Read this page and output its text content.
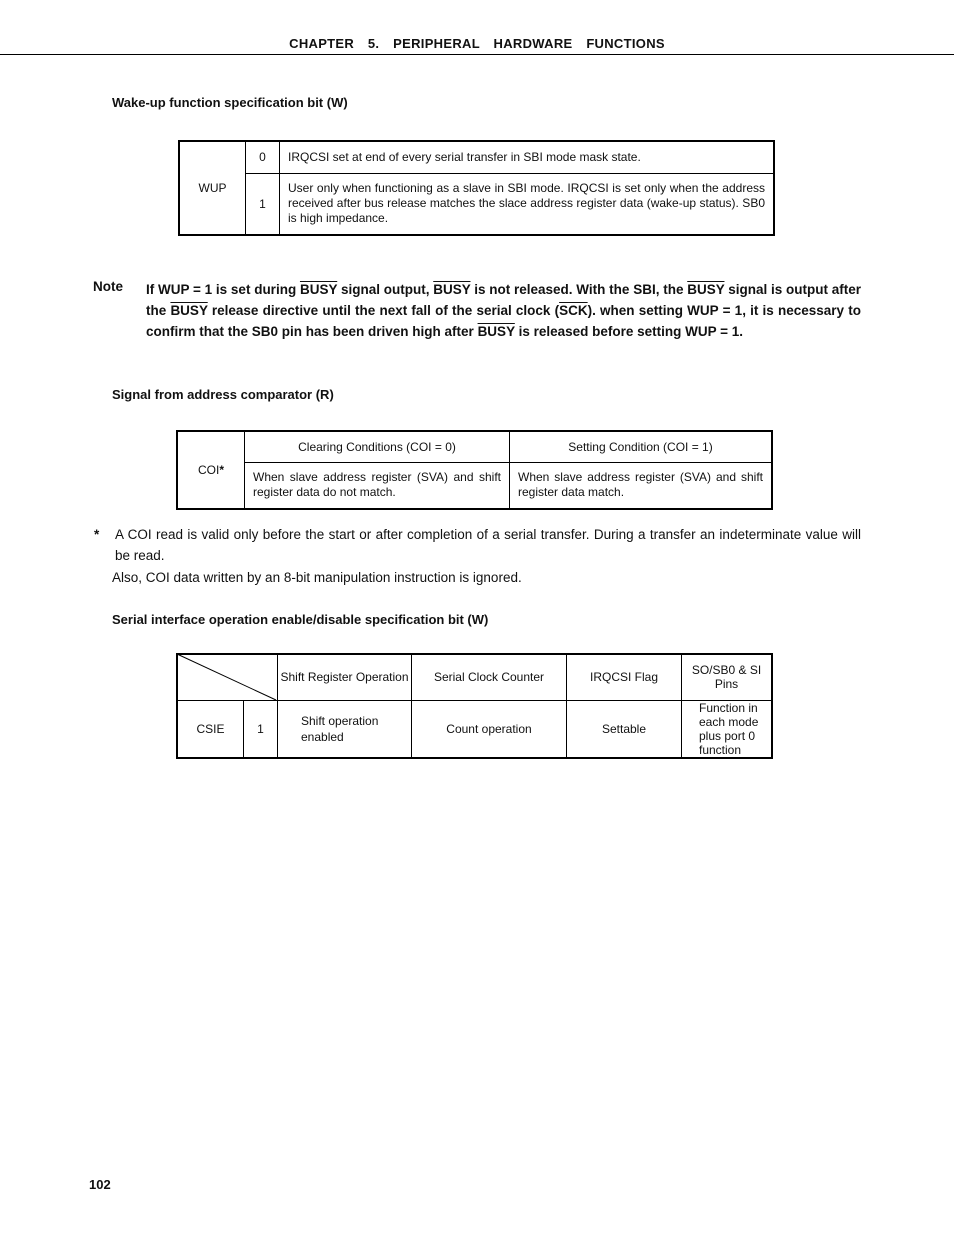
CHAPTER  5.  PERIPHERAL  HARDWARE  FUNCTIONS
Wake-up function specification bit (W)
WUP	0	IRQCSI set at end of every serial transfer in SBI mode mask state.
	1	User only when functioning as a slave in SBI mode. IRQCSI is set only when the address received after bus release matches the slace address register data (wake-up status). SB0 is high impedance.
Note If WUP = 1 is set during BUSY signal output, BUSY is not released. With the SBI, the BUSY signal is output after the BUSY release directive until the next fall of the serial clock $(\overline{SCK})$. when setting WUP = 1, it is necessary to confirm that the SB0 pin has been driven high after BUSY is released before setting WUP = 1.
Signal from address comparator (R)
COI*	Clearing Conditions (COI = 0)	Setting Condition (COI = 1)
	When slave address register (SVA) and shift register data do not match.	When slave address register (SVA) and shift register data match.
* A COI read is valid only before the start or after completion of a serial transfer. During a transfer an indeterminate value will be read.
Also, COI data written by an 8-bit manipulation instruction is ignored.
Serial interface operation enable/disable specification bit (W)
		Shift Register Operation	Serial Clock Counter	IRQCSI Flag	SO/SB0 & SI Pins
CSIE	1	Shift operation enabled	Count operation	Settable	Function in each mode plus port 0 function
102
